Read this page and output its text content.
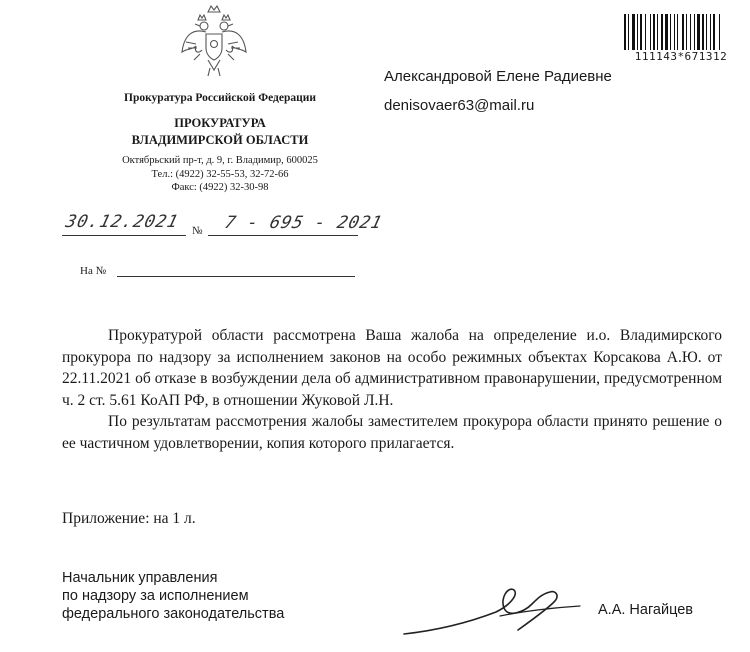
111143*671312
Прокуратура Российской Федерации
ПРОКУРАТУРА
ВЛАДИМИРСКОЙ ОБЛАСТИ
Октябрьский пр-т, д. 9, г. Владимир, 600025
Тел.: (4922) 32-55-53, 32-72-66
Факс: (4922) 32-30-98
Александровой Елене Радиевне
denisovaer63@mail.ru
30.12.2021 № 7 - 695 - 2021
На №

Прокуратурой области рассмотрена Ваша жалоба на определение и.о. Владимирского прокурора по надзору за исполнением законов на особо режимных объектах Корсакова А.Ю. от 22.11.2021 об отказе в возбуждении дела об административном правонарушении, предусмотренном ч. 2 ст. 5.61 КоАП РФ, в отношении Жуковой Л.Н.

По результатам рассмотрения жалобы заместителем прокурора области принято решение о ее частичном удовлетворении, копия которого прилагается.

Приложение: на 1 л.
Начальник управления
по надзору за исполнением
федерального законодательства	А.А. Нагайцев
